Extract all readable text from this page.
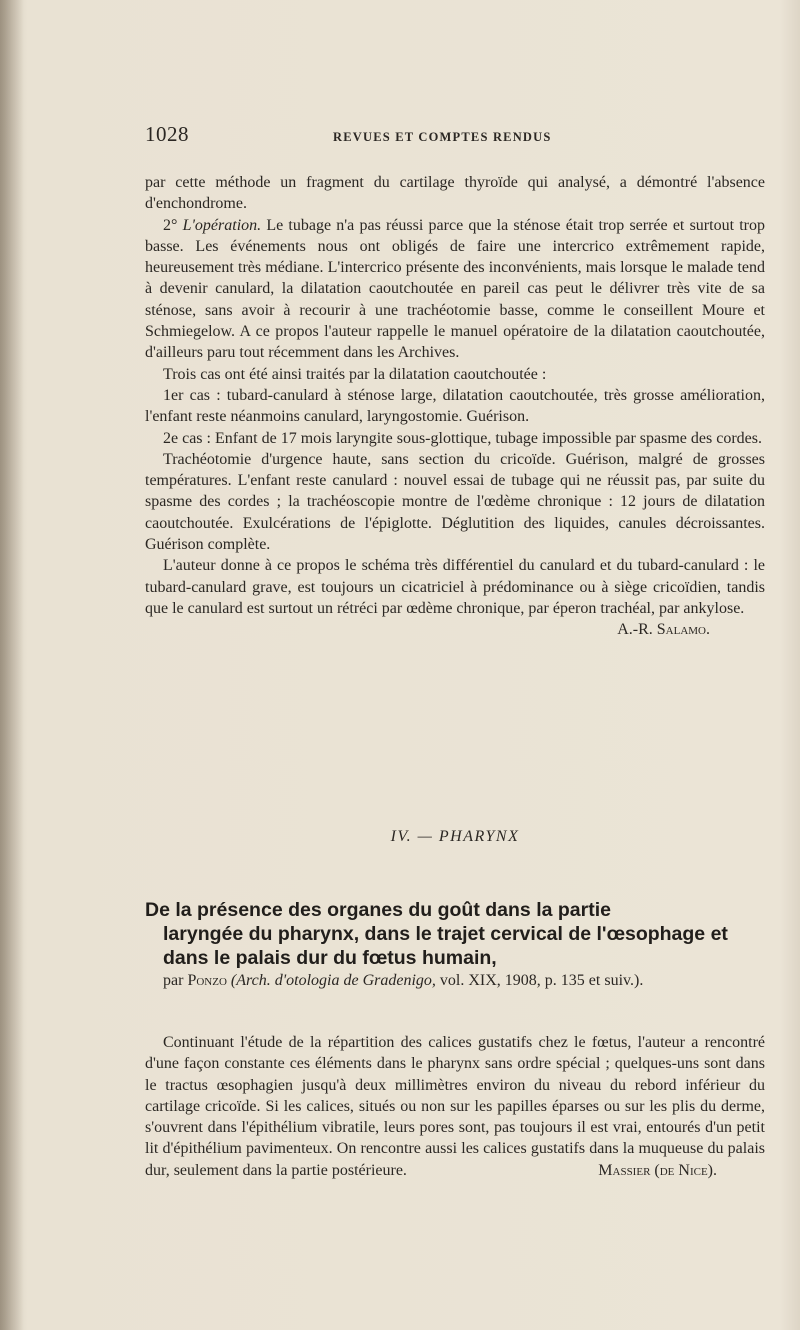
1028	REVUES ET COMPTES RENDUS

par cette méthode un fragment du cartilage thyroïde qui analysé, a démontré l'absence d'enchondrome.

2° L'opération. Le tubage n'a pas réussi parce que la sténose était trop serrée et surtout trop basse. Les événements nous ont obligés de faire une intercrico extrêmement rapide, heureusement très médiane. L'intercrico présente des inconvénients, mais lorsque le malade tend à devenir canulard, la dilatation caoutchoutée en pareil cas peut le délivrer très vite de sa sténose, sans avoir à recourir à une trachéotomie basse, comme le conseillent Moure et Schmiegelow. A ce propos l'auteur rappelle le manuel opératoire de la dilatation caoutchoutée, d'ailleurs paru tout récemment dans les Archives.

Trois cas ont été ainsi traités par la dilatation caoutchoutée :

1er cas : tubard-canulard à sténose large, dilatation caoutchoutée, très grosse amélioration, l'enfant reste néanmoins canulard, laryngostomie. Guérison.

2e cas : Enfant de 17 mois laryngite sous-glottique, tubage impossible par spasme des cordes.

Trachéotomie d'urgence haute, sans section du cricoïde. Guérison, malgré de grosses températures. L'enfant reste canulard : nouvel essai de tubage qui ne réussit pas, par suite du spasme des cordes ; la trachéoscopie montre de l'œdème chronique : 12 jours de dilatation caoutchoutée. Exulcérations de l'épiglotte. Déglutition des liquides, canules décroissantes. Guérison complète.

L'auteur donne à ce propos le schéma très différentiel du canulard et du tubard-canulard : le tubard-canulard grave, est toujours un cicatriciel à prédominance ou à siège cricoïdien, tandis que le canulard est surtout un rétréci par œdème chronique, par éperon trachéal, par ankylose.
A.-R. Salamo.

IV. — PHARYNX
De la présence des organes du goût dans la partie
laryngée du pharynx, dans le trajet cervical de l'œsophage et dans le palais dur du fœtus humain,
par Ponzo (Arch. d'otologia de Gradenigo, vol. XIX, 1908, p. 135 et suiv.).

Continuant l'étude de la répartition des calices gustatifs chez le fœtus, l'auteur a rencontré d'une façon constante ces éléments dans le pharynx sans ordre spécial ; quelques-uns sont dans le tractus œsophagien jusqu'à deux millimètres environ du niveau du rebord inférieur du cartilage cricoïde. Si les calices, situés ou non sur les papilles éparses ou sur les plis du derme, s'ouvrent dans l'épithélium vibratile, leurs pores sont, pas toujours il est vrai, entourés d'un petit lit d'épithélium pavimenteux. On rencontre aussi les calices gustatifs dans la muqueuse du palais dur, seulement dans la partie postérieure.	Massier (de Nice).
